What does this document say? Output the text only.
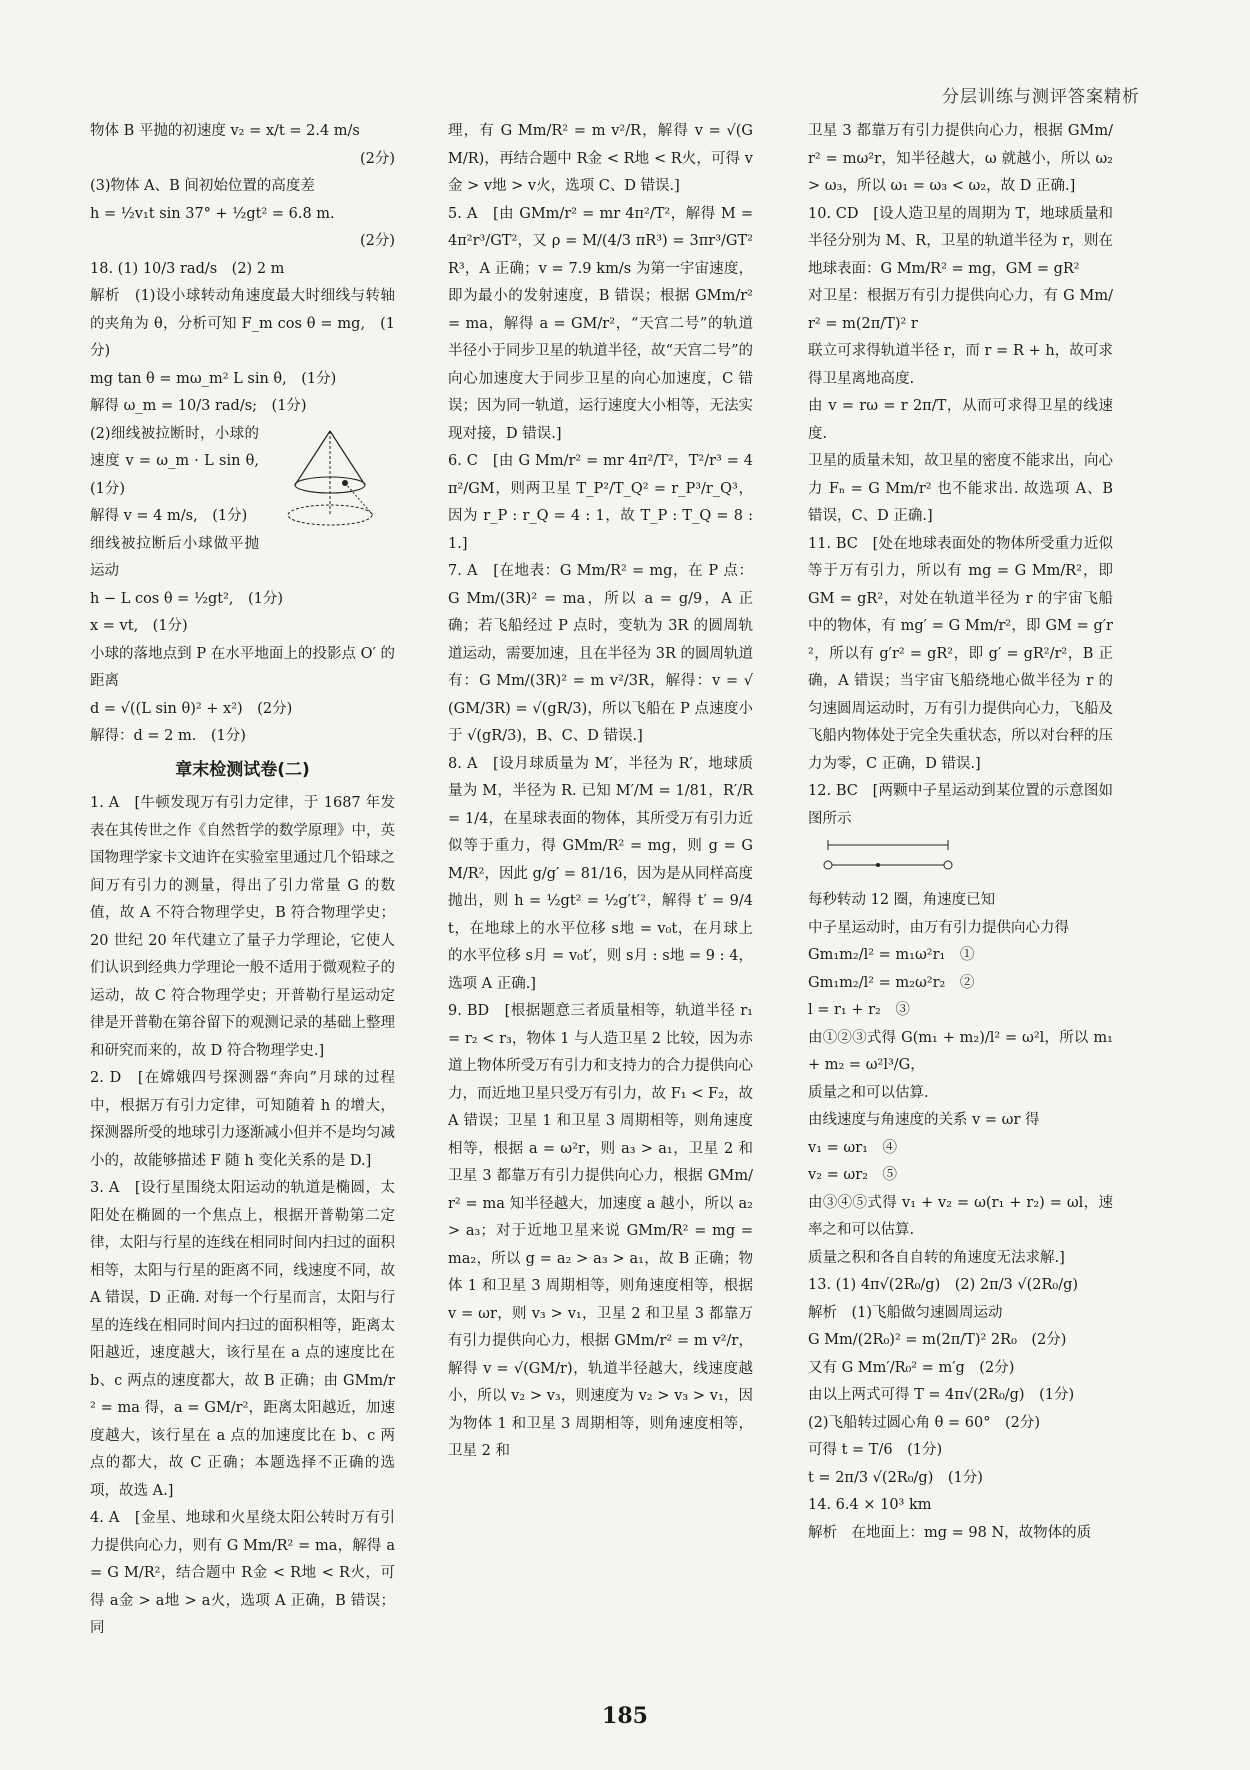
分层训练与测评答案精析
物体 B 平抛的初速度 v₂ = x/t = 2.4 m/s
(2分)
(3)物体 A、B 间初始位置的高度差
h = ½v₁t sin 37° + ½gt² = 6.8 m.
(2分)
18. (1) 10/3 rad/s　(2) 2 m
解析　(1)设小球转动角速度最大时细线与转轴的夹角为 θ，分析可知 F_m cos θ = mg,　(1分)
mg tan θ = mω_m² L sin θ,　(1分)
解得 ω_m = 10/3 rad/s;　(1分)
(2)细线被拉断时，小球的速度 v = ω_m · L sin θ,　(1分)
解得 v = 4 m/s,　(1分)
细线被拉断后小球做平抛运动
h − L cos θ = ½gt²,　(1分)
x = vt,　(1分)
小球的落地点到 P 在水平地面上的投影点 O′ 的距离
d = √((L sin θ)² + x²)　(2分)
解得：d = 2 m.　(1分)
章末检测试卷(二)
1. A　[牛顿发现万有引力定律，于 1687 年发表在其传世之作《自然哲学的数学原理》中，英国物理学家卡文迪许在实验室里通过几个铅球之间万有引力的测量，得出了引力常量 G 的数值，故 A 不符合物理学史，B 符合物理学史；20 世纪 20 年代建立了量子力学理论，它使人们认识到经典力学理论一般不适用于微观粒子的运动，故 C 符合物理学史；开普勒行星运动定律是开普勒在第谷留下的观测记录的基础上整理和研究而来的，故 D 符合物理学史.]
2. D　[在嫦娥四号探测器“奔向”月球的过程中，根据万有引力定律，可知随着 h 的增大，探测器所受的地球引力逐渐减小但并不是均匀减小的，故能够描述 F 随 h 变化关系的是 D.]
3. A　[设行星围绕太阳运动的轨道是椭圆，太阳处在椭圆的一个焦点上，根据开普勒第二定律，太阳与行星的连线在相同时间内扫过的面积相等，太阳与行星的距离不同，线速度不同，故 A 错误，D 正确. 对每一个行星而言，太阳与行星的连线在相同时间内扫过的面积相等，距离太阳越近，速度越大，该行星在 a 点的速度比在 b、c 两点的速度都大，故 B 正确；由 GMm/r² = ma 得，a = GM/r²，距离太阳越近，加速度越大，该行星在 a 点的加速度比在 b、c 两点的都大，故 C 正确；本题选择不正确的选项，故选 A.]
4. A　[金星、地球和火星绕太阳公转时万有引力提供向心力，则有 G Mm/R² = ma，解得 a = G M/R²，结合题中 R金 < R地 < R火，可得 a金 > a地 > a火，选项 A 正确，B 错误；同
理，有 G Mm/R² = m v²/R，解得 v = √(GM/R)，再结合题中 R金 < R地 < R火，可得 v金 > v地 > v火，选项 C、D 错误.]
5. A　[由 GMm/r² = mr 4π²/T²，解得 M = 4π²r³/GT²，又 ρ = M/(4/3 πR³) = 3πr³/GT²R³，A 正确；v = 7.9 km/s 为第一宇宙速度，即为最小的发射速度，B 错误；根据 GMm/r² = ma，解得 a = GM/r²，“天宫二号”的轨道半径小于同步卫星的轨道半径，故“天宫二号”的向心加速度大于同步卫星的向心加速度，C 错误；因为同一轨道，运行速度大小相等，无法实现对接，D 错误.]
6. C　[由 G Mm/r² = mr 4π²/T²，T²/r³ = 4π²/GM，则两卫星 T_P²/T_Q² = r_P³/r_Q³，因为 r_P : r_Q = 4 : 1，故 T_P : T_Q = 8 : 1.]
7. A　[在地表：G Mm/R² = mg，在 P 点：G Mm/(3R)² = ma，所以 a = g/9，A 正确；若飞船经过 P 点时，变轨为 3R 的圆周轨道运动，需要加速，且在半径为 3R 的圆周轨道有：G Mm/(3R)² = m v²/3R，解得：v = √(GM/3R) = √(gR/3)，所以飞船在 P 点速度小于 √(gR/3)，B、C、D 错误.]
8. A　[设月球质量为 M′，半径为 R′，地球质量为 M，半径为 R. 已知 M′/M = 1/81，R′/R = 1/4，在星球表面的物体，其所受万有引力近似等于重力，得 GMm/R² = mg，则 g = GM/R²，因此 g/g′ = 81/16，因为是从同样高度抛出，则 h = ½gt² = ½g′t′²，解得 t′ = 9/4 t，在地球上的水平位移 s地 = v₀t，在月球上的水平位移 s月 = v₀t′，则 s月 : s地 = 9 : 4，选项 A 正确.]
9. BD　[根据题意三者质量相等，轨道半径 r₁ = r₂ < r₃，物体 1 与人造卫星 2 比较，因为赤道上物体所受万有引力和支持力的合力提供向心力，而近地卫星只受万有引力，故 F₁ < F₂，故 A 错误；卫星 1 和卫星 3 周期相等，则角速度相等，根据 a = ω²r，则 a₃ > a₁，卫星 2 和卫星 3 都靠万有引力提供向心力，根据 GMm/r² = ma 知半径越大，加速度 a 越小，所以 a₂ > a₃；对于近地卫星来说 GMm/R² = mg = ma₂，所以 g = a₂ > a₃ > a₁，故 B 正确；物体 1 和卫星 3 周期相等，则角速度相等，根据 v = ωr，则 v₃ > v₁，卫星 2 和卫星 3 都靠万有引力提供向心力，根据 GMm/r² = m v²/r，解得 v = √(GM/r)，轨道半径越大，线速度越小，所以 v₂ > v₃，则速度为 v₂ > v₃ > v₁，因为物体 1 和卫星 3 周期相等，则角速度相等，卫星 2 和
卫星 3 都靠万有引力提供向心力，根据 GMm/r² = mω²r，知半径越大，ω 就越小，所以 ω₂ > ω₃，所以 ω₁ = ω₃ < ω₂，故 D 正确.]
10. CD　[设人造卫星的周期为 T，地球质量和半径分别为 M、R，卫星的轨道半径为 r，则在地球表面：G Mm/R² = mg，GM = gR²
对卫星：根据万有引力提供向心力，有 G Mm/r² = m(2π/T)² r
联立可求得轨道半径 r，而 r = R + h，故可求得卫星离地高度.
由 v = rω = r 2π/T，从而可求得卫星的线速度.
卫星的质量未知，故卫星的密度不能求出，向心力 Fₙ = G Mm/r² 也不能求出. 故选项 A、B 错误，C、D 正确.]
11. BC　[处在地球表面处的物体所受重力近似等于万有引力，所以有 mg = G Mm/R²，即 GM = gR²，对处在轨道半径为 r 的宇宙飞船中的物体，有 mg′ = G Mm/r²，即 GM = g′r²，所以有 g′r² = gR²，即 g′ = gR²/r²，B 正确，A 错误；当宇宙飞船绕地心做半径为 r 的匀速圆周运动时，万有引力提供向心力，飞船及飞船内物体处于完全失重状态，所以对台秤的压力为零，C 正确，D 错误.]
12. BC　[两颗中子星运动到某位置的示意图如图所示
每秒转动 12 圈，角速度已知
中子星运动时，由万有引力提供向心力得
Gm₁m₂/l² = m₁ω²r₁　①
Gm₁m₂/l² = m₂ω²r₂　②
l = r₁ + r₂　③
由①②③式得 G(m₁ + m₂)/l² = ω²l，所以 m₁ + m₂ = ω²l³/G，
质量之和可以估算.
由线速度与角速度的关系 v = ωr 得
v₁ = ωr₁　④
v₂ = ωr₂　⑤
由③④⑤式得 v₁ + v₂ = ω(r₁ + r₂) = ωl，速率之和可以估算.
质量之积和各自自转的角速度无法求解.]
13. (1) 4π√(2R₀/g)　(2) 2π/3 √(2R₀/g)
解析　(1)飞船做匀速圆周运动
G Mm/(2R₀)² = m(2π/T)² 2R₀　(2分)
又有 G Mm′/R₀² = m′g　(2分)
由以上两式可得 T = 4π√(2R₀/g)　(1分)
(2)飞船转过圆心角 θ = 60°　(2分)
可得 t = T/6　(1分)
t = 2π/3 √(2R₀/g)　(1分)
14. 6.4 × 10³ km
解析　在地面上：mg = 98 N，故物体的质
185
